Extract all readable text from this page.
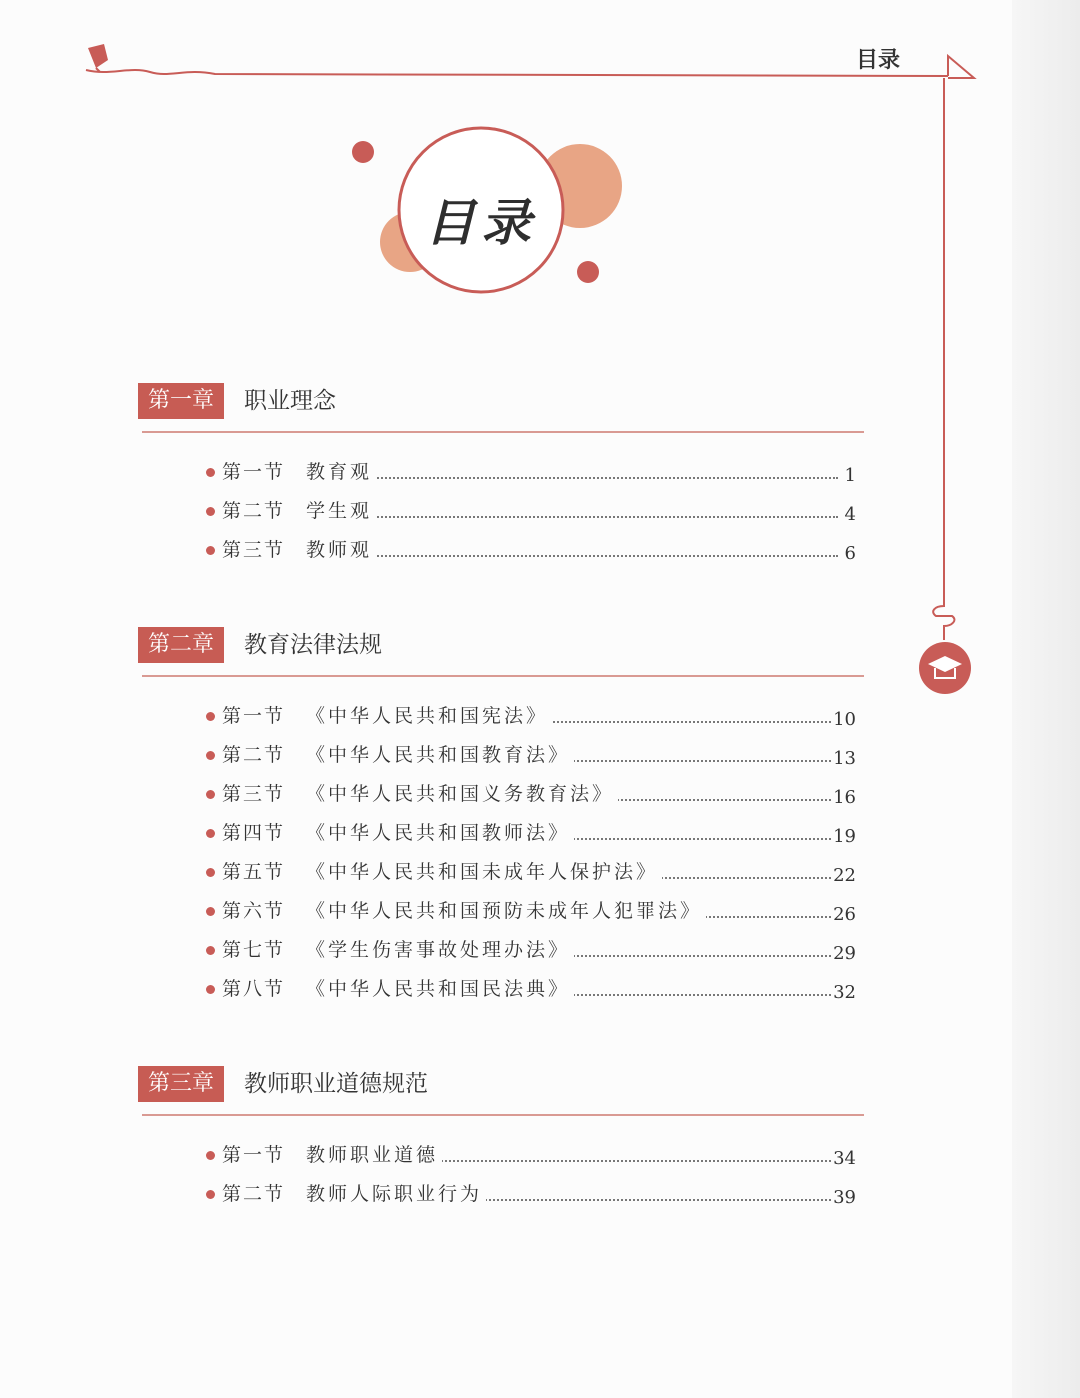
目录
目录
第一章	职业理念
第一节 教育观	1
第二节 学生观	4
第三节 教师观	6
第二章	教育法律法规
第一节 《中华人民共和国宪法》	10
第二节 《中华人民共和国教育法》	13
第三节 《中华人民共和国义务教育法》	16
第四节 《中华人民共和国教师法》	19
第五节 《中华人民共和国未成年人保护法》	22
第六节 《中华人民共和国预防未成年人犯罪法》	26
第七节 《学生伤害事故处理办法》	29
第八节 《中华人民共和国民法典》	32
第三章	教师职业道德规范
第一节 教师职业道德	34
第二节 教师人际职业行为	39
